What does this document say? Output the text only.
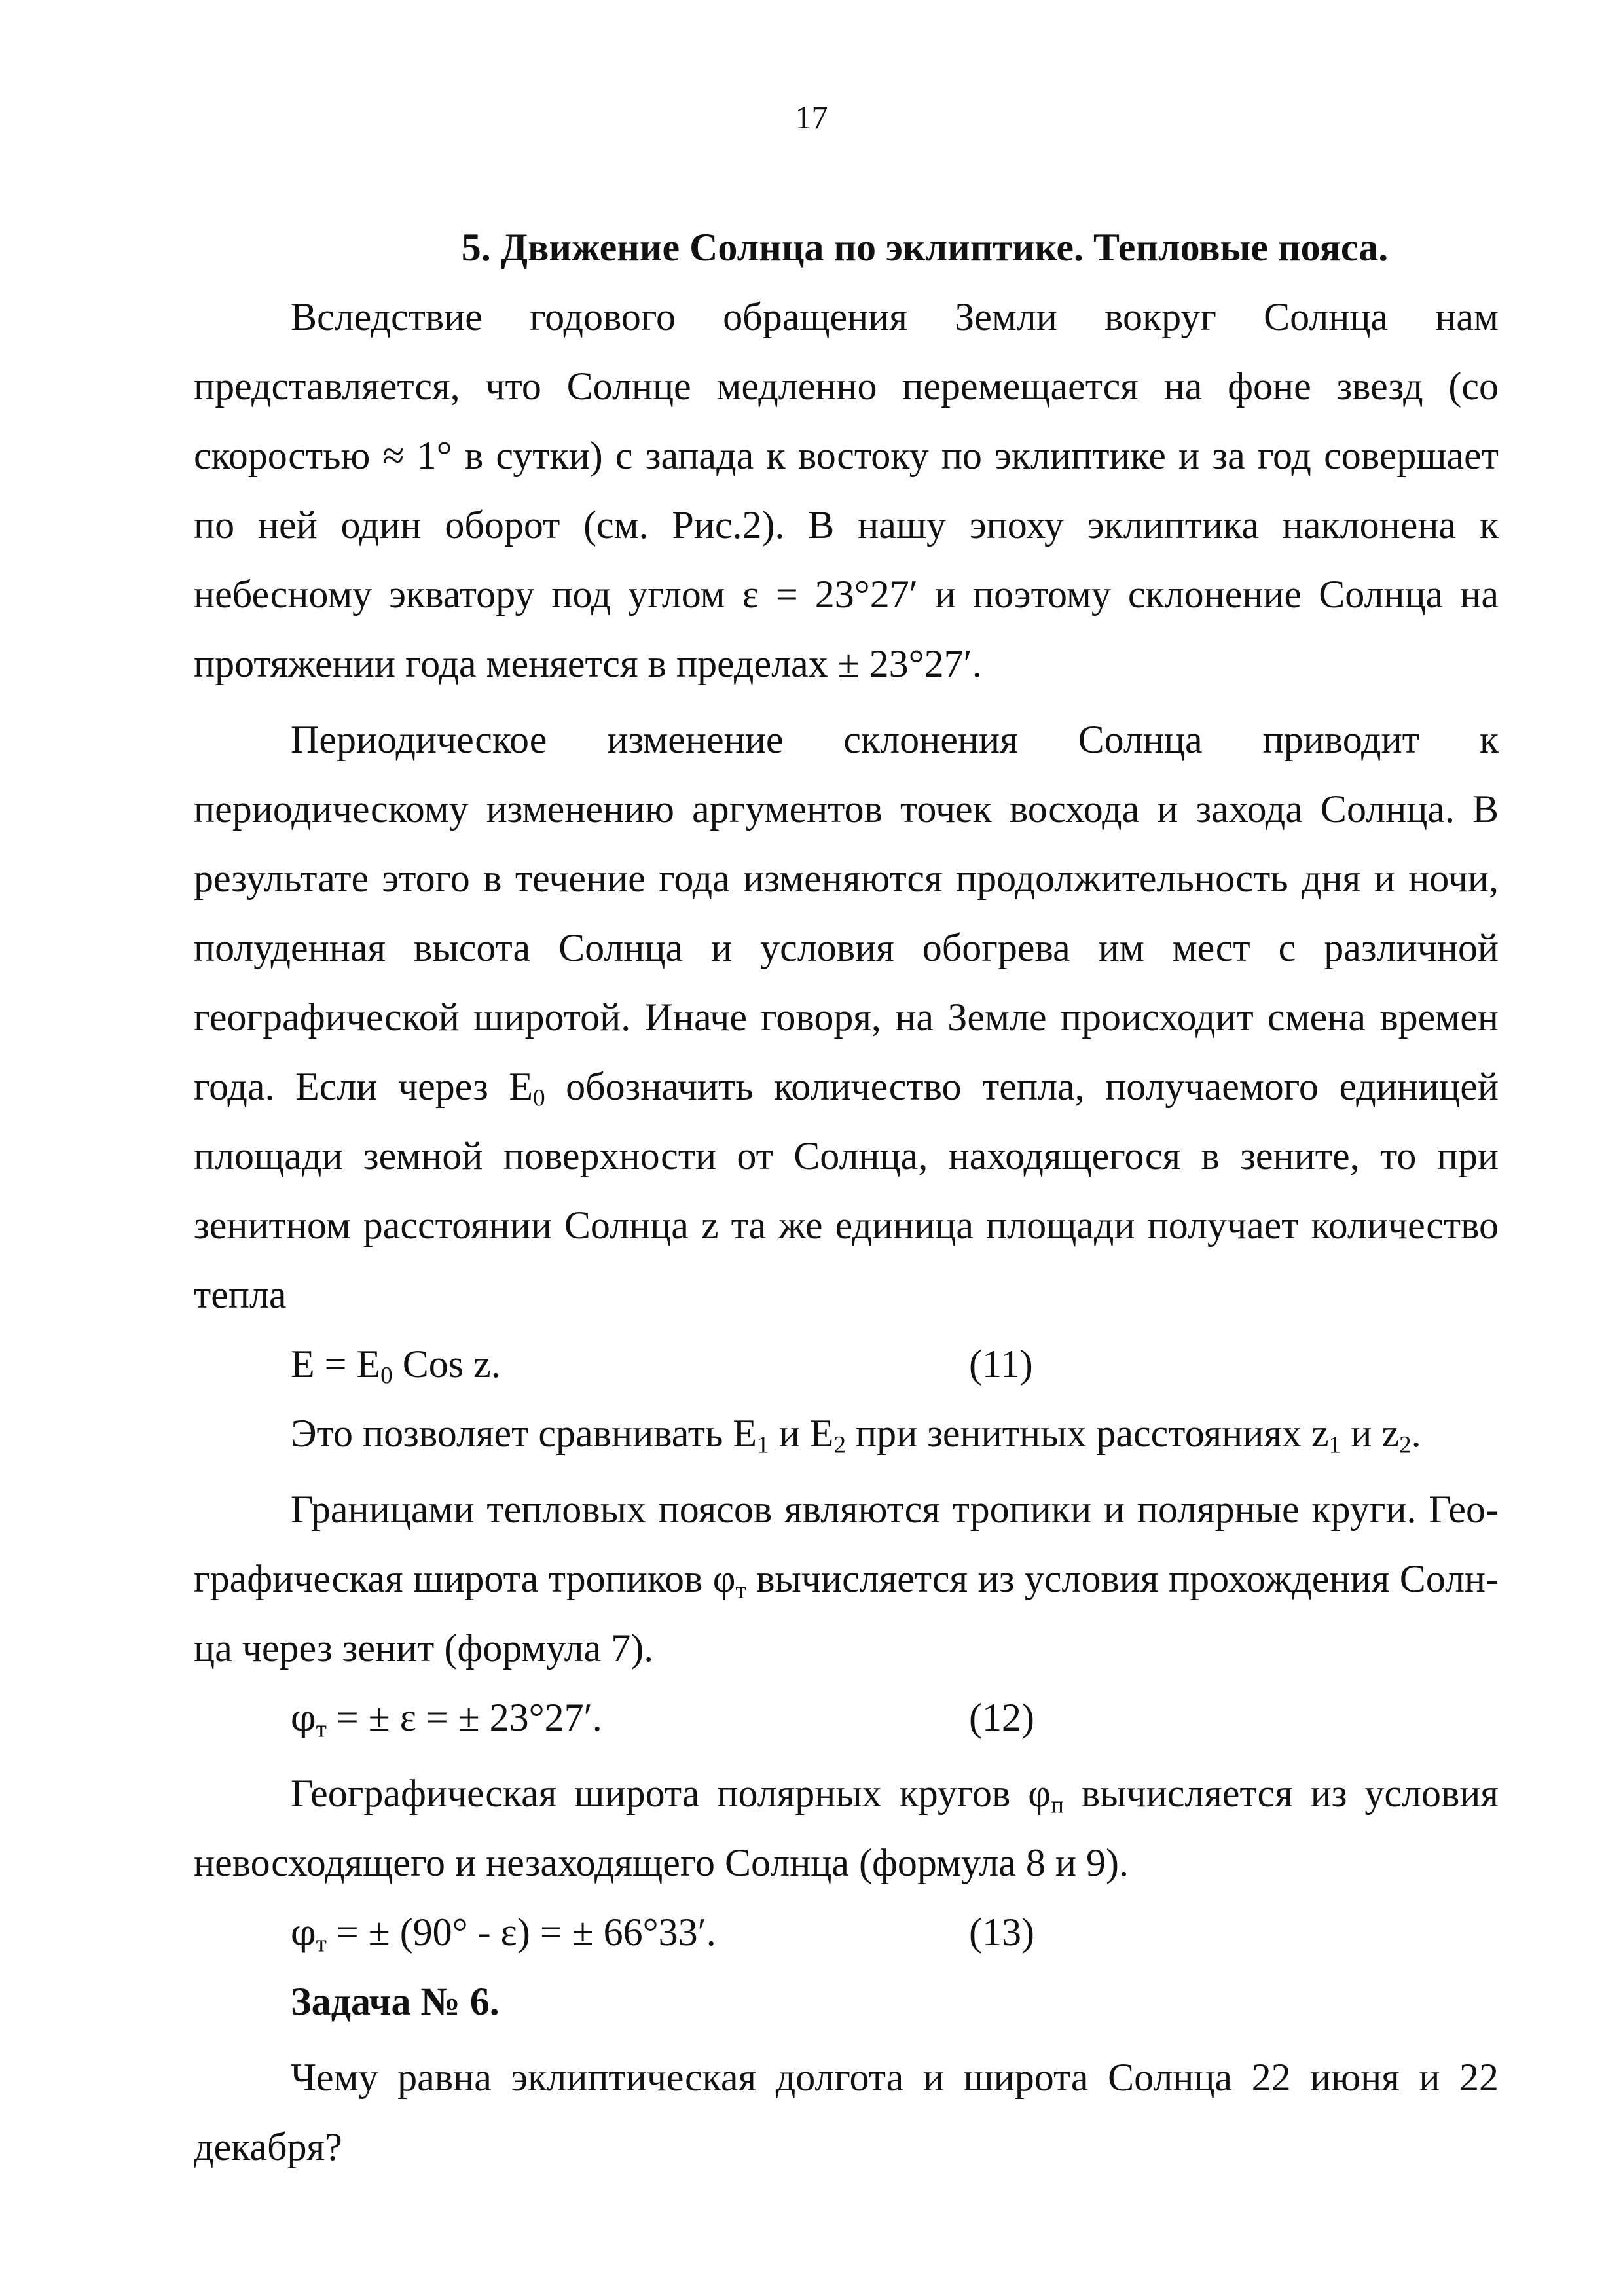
17

5. Движение Солнца по эклиптике. Тепловые пояса.

Вследствие годового обращения Земли вокруг Солнца нам представляется, что Солнце медленно перемещается на фоне звезд (со скоростью ≈ 1° в сутки) с запада к востоку по эклиптике и за год совершает по ней один оборот (см. Рис.2). В нашу эпоху эклиптика наклонена к небесному экватору под углом ε = 23°27′ и поэтому склонение Солнца на протяжении года меняется в пределах ± 23°27′.

Периодическое изменение склонения Солнца приводит к периодическому изменению аргументов точек восхода и захода Солнца. В результате этого в течение года изменяются продолжительность дня и ночи, полуденная высота Солнца и условия обогрева им мест с различной географической широтой. Иначе говоря, на Земле происходит смена времен года. Если через $E_0$ обозначить количество тепла, получаемого единицей площади земной поверхности от Солнца, находящегося в зените, то при зенитном расстоянии Солнца z та же единица площади получает количество тепла

$E = E_0$ Cos z.	(11)

Это позволяет сравнивать $E_1$ и $E_2$ при зенитных расстояниях $z_1$ и $z_2$.

Границами тепловых поясов являются тропики и полярные круги. Географическая широта тропиков $\varphi_т$ вычисляется из условия прохождения Солнца через зенит (формула 7).

$\varphi_т$ = ± ε = ± 23°27′.	(12)

Географическая широта полярных кругов $\varphi_п$ вычисляется из условия невосходящего и незаходящего Солнца (формула 8 и 9).

$\varphi_т$ = ± (90° - ε) = ± 66°33′.	(13)

Задача № 6.

Чему равна эклиптическая долгота и широта Солнца 22 июня и 22 декабря?
